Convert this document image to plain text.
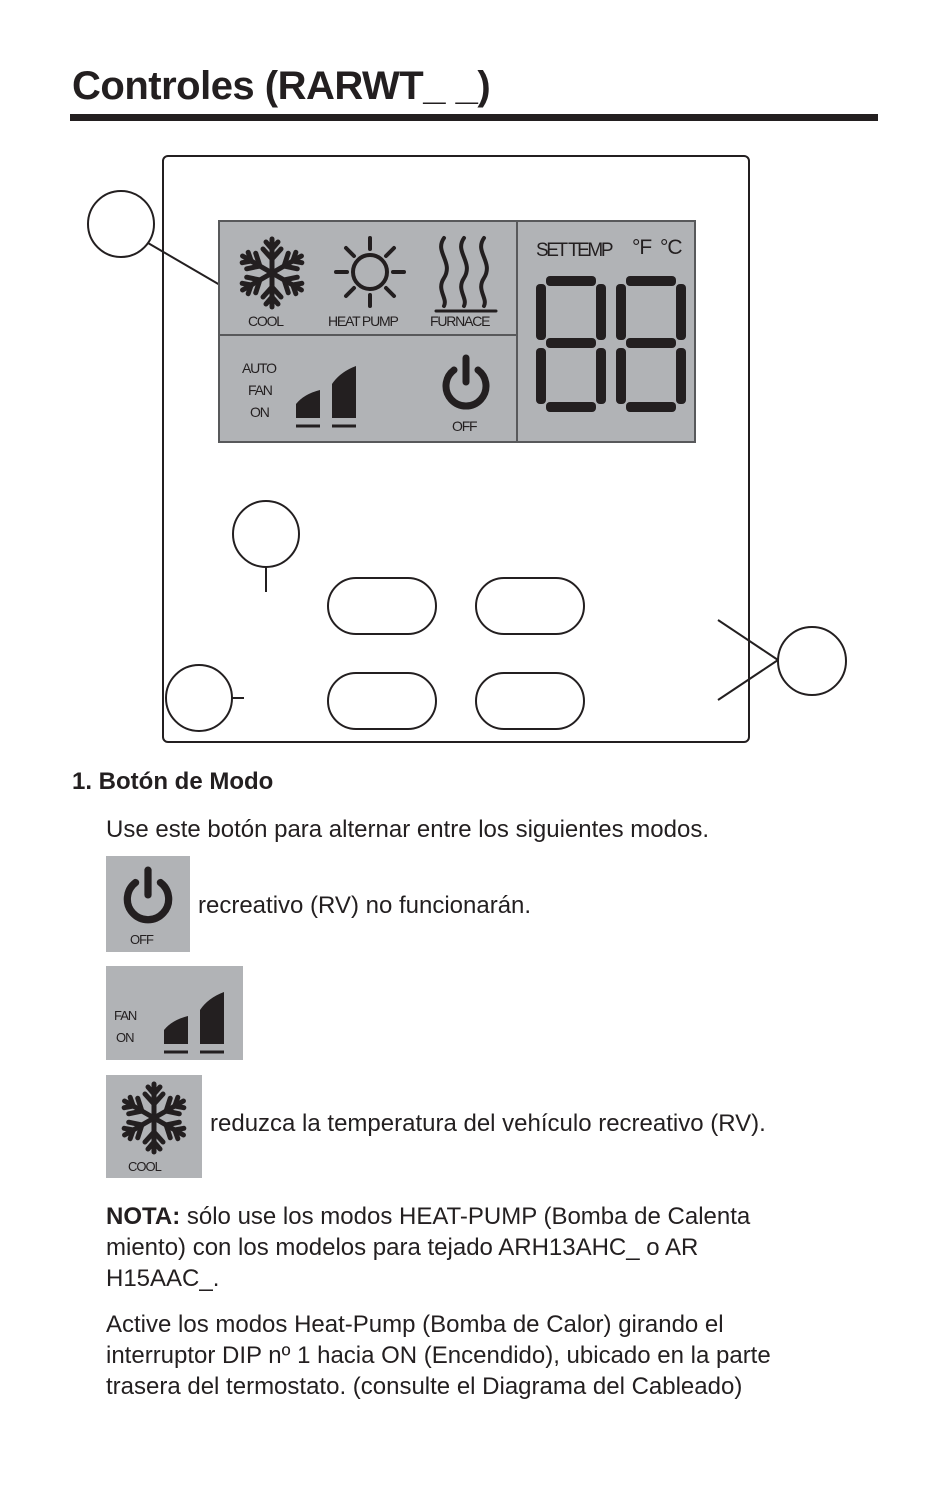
Controles (RARWT_ _)
COOL	HEAT PUMP FURNACE
AUTO
FAN
ON
OFF
SET TEMP °F °C
1. Botón de Modo

Use este botón para alternar entre los siguientes modos.

OFF

recreativo (RV) no funcionarán.

FAN
ON
COOL

reduzca la temperatura del vehículo recreativo (RV).

NOTA: sólo use los modos HEAT-PUMP (Bomba de Calenta

miento) con los modelos para tejado ARH13AHC_ o AR

H15AAC_.

Active los modos Heat-Pump (Bomba de Calor) girando el

interruptor DIP nº 1 hacia ON (Encendido), ubicado en la parte

trasera del termostato. (consulte el Diagrama del Cableado)
